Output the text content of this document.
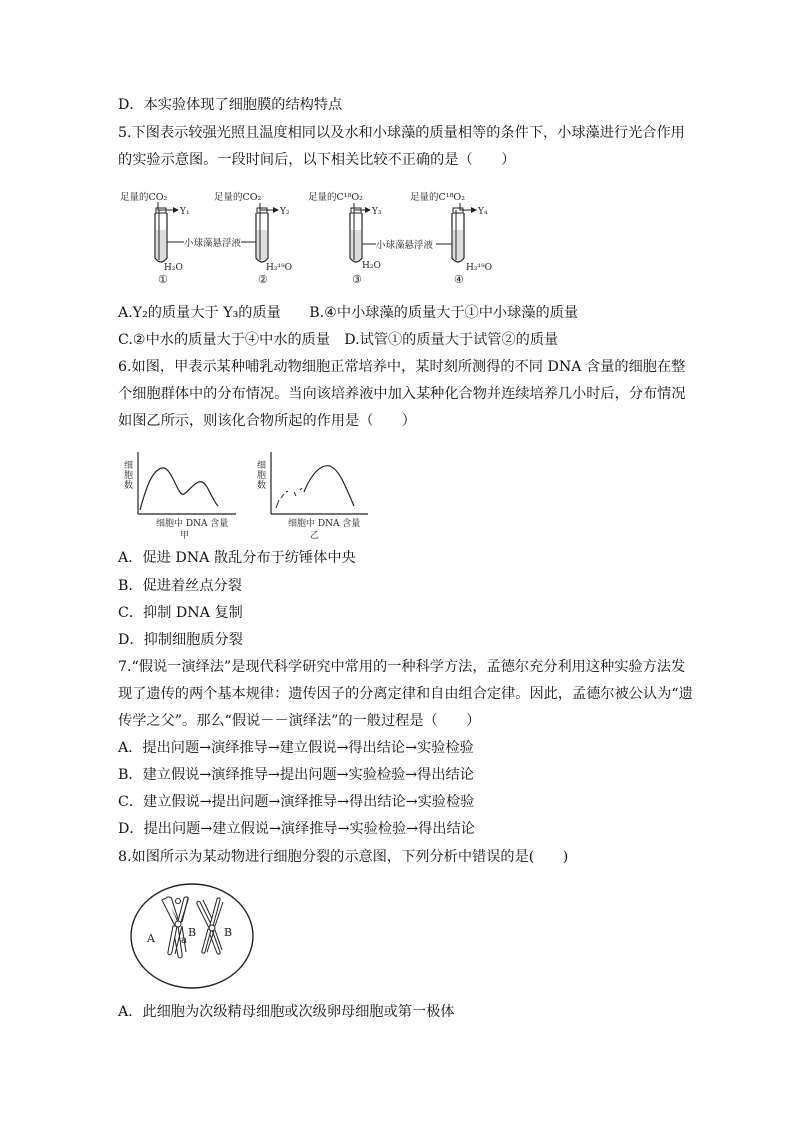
D．本实验体现了细胞膜的结构特点
5.下图表示较强光照且温度相同以及水和小球藻的质量相等的条件下，小球藻进行光合作用
的实验示意图。一段时间后，以下相关比较不正确的是（　　）
足量的CO₂
Y₁
H₂O
①
足量的CO₂
Y₂
H₂¹⁸O
②
小球藻悬浮液
足量的C¹⁸O₂
Y₃
H₂O
③
足量的C¹⁸O₂
Y₄
H₂¹⁸O
④
小球藻悬浮液
A.Y₂的质量大于 Y₃的质量　　B.④中小球藻的质量大于①中小球藻的质量
C.②中水的质量大于④中水的质量　D.试管①的质量大于试管②的质量
6.如图，甲表示某种哺乳动物细胞正常培养中，某时刻所测得的不同 DNA 含量的细胞在整
个细胞群体中的分布情况。当向该培养液中加入某种化合物并连续培养几小时后，分布情况
如图乙所示，则该化合物所起的作用是（　　）
细胞数
细胞中 DNA 含量
甲
细胞数
细胞中 DNA 含量
乙
A．促进 DNA 散乱分布于纺锤体中央
B．促进着丝点分裂
C．抑制 DNA 复制
D．抑制细胞质分裂
7.“假说一演绎法”是现代科学研究中常用的一种科学方法，孟德尔充分利用这种实验方法发
现了遗传的两个基本规律：遗传因子的分离定律和自由组合定律。因此，孟德尔被公认为“遗
传学之父”。那么“假说－－演绎法”的一般过程是（　　）
A．提出问题→演绎推导→建立假说→得出结论→实验检验
B．建立假说→演绎推导→提出问题→实验检验→得出结论
C．建立假说→提出问题→演绎推导→得出结论→实验检验
D．提出问题→建立假说→演绎推导→实验检验→得出结论
8.如图所示为某动物进行细胞分裂的示意图，下列分析中错误的是(　　)
A	a
B	B
A．此细胞为次级精母细胞或次级卵母细胞或第一极体
